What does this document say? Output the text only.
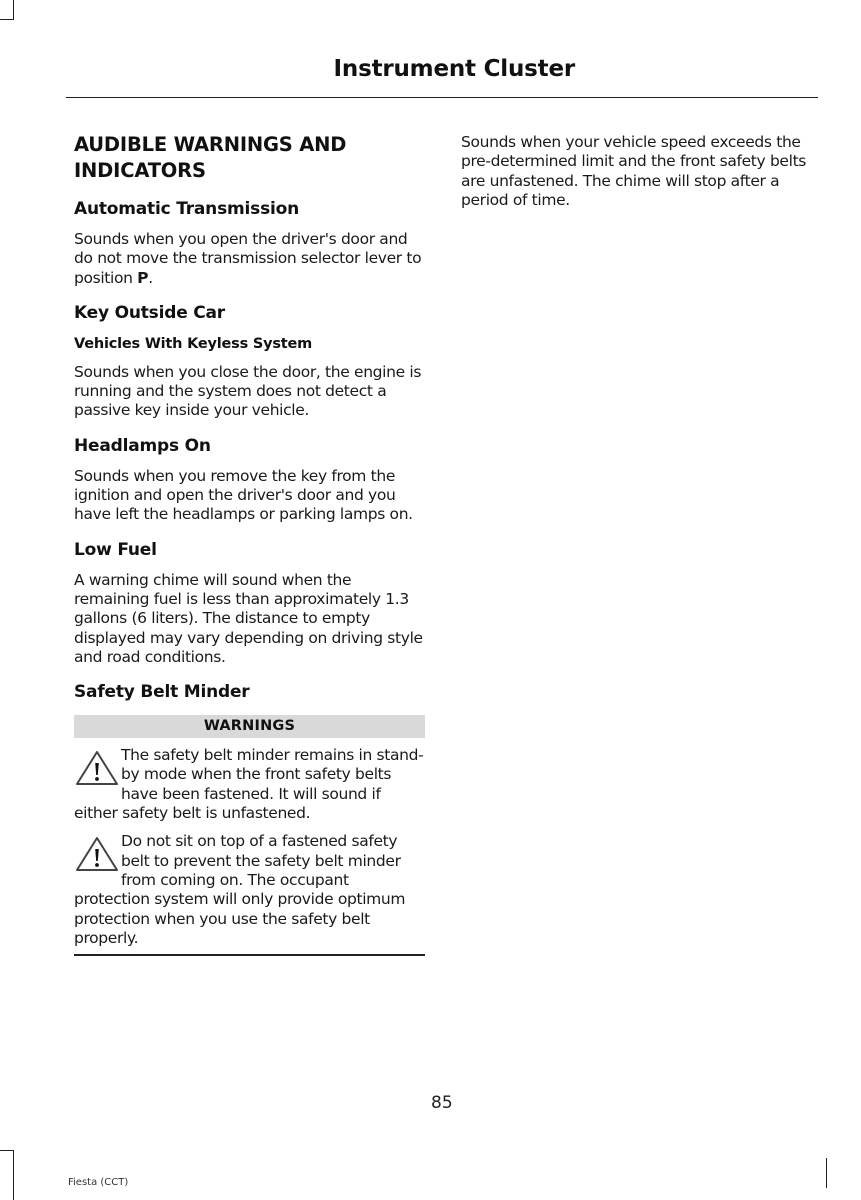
Instrument Cluster
AUDIBLE WARNINGS AND INDICATORS
Automatic Transmission

Sounds when you open the driver's door and do not move the transmission selector lever to position P.

Key Outside Car
Vehicles With Keyless System

Sounds when you close the door, the engine is running and the system does not detect a passive key inside your vehicle.

Headlamps On

Sounds when you remove the key from the ignition and open the driver's door and you have left the headlamps or parking lamps on.

Low Fuel

A warning chime will sound when the remaining fuel is less than approximately 1.3 gallons (6 liters). The distance to empty displayed may vary depending on driving style and road conditions.

Safety Belt Minder
WARNINGS
The safety belt minder remains in stand-by mode when the front safety belts have been fastened. It will sound if either safety belt is unfastened.
Do not sit on top of a fastened safety belt to prevent the safety belt minder from coming on. The occupant protection system will only provide optimum protection when you use the safety belt properly.

Sounds when your vehicle speed exceeds the pre-determined limit and the front safety belts are unfastened. The chime will stop after a period of time.

85
Fiesta (CCT)
